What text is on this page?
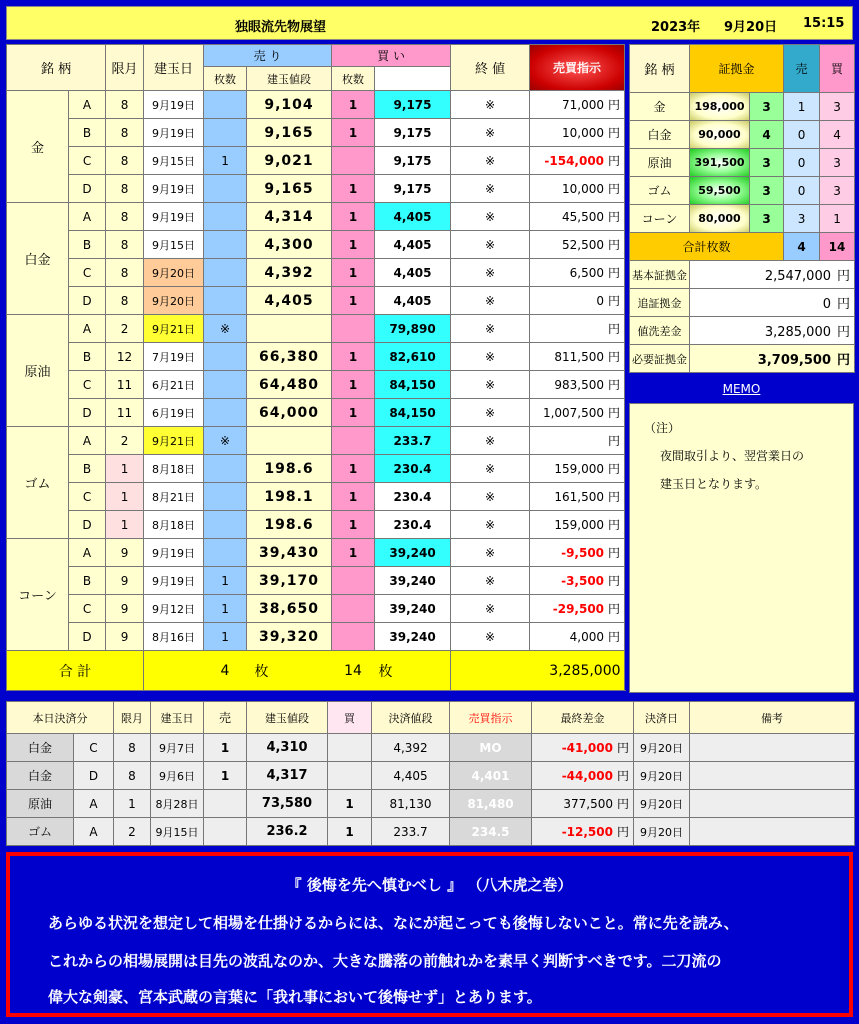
独眼流先物展望	2023年 9月20日 15:15
銘 柄		限月	建玉日	売 り		買 い		終 値	売買指示	
				枚数	建玉値段	枚数				
金	A	8	9月19日		9,104	1	9,175	※	71,000 円	
	B	8	9月19日		9,165	1	9,175	※	10,000 円	
	C	8	9月15日	1	9,021		9,175	※	-154,000 円	
	D	8	9月19日		9,165	1	9,175	※	10,000 円	
白金	A	8	9月19日		4,314	1	4,405	※	45,500 円	
	B	8	9月15日		4,300	1	4,405	※	52,500 円	
	C	8	9月20日		4,392	1	4,405	※	6,500 円	
	D	8	9月20日		4,405	1	4,405	※	0 円	
原油	A	2	9月21日	※			79,890	※	円	
	B	12	7月19日		66,380	1	82,610	※	811,500 円	
	C	11	6月21日		64,480	1	84,150	※	983,500 円	
	D	11	6月19日		64,000	1	84,150	※	1,007,500 円	
ゴム	A	2	9月21日	※			233.7	※	円	
	B	1	8月18日		198.6	1	230.4	※	159,000 円	
	C	1	8月21日		198.1	1	230.4	※	161,500 円	
	D	1	8月18日		198.6	1	230.4	※	159,000 円	
コーン	A	9	9月19日		39,430	1	39,240	※	-9,500 円	
	B	9	9月19日	1	39,170		39,240	※	-3,500 円	
	C	9	9月12日	1	38,650		39,240	※	-29,500 円	
	D	9	8月16日	1	39,320		39,240	※	4,000 円	
合 計				4	枚	14	枚	3,285,000	
銘 柄	証拠金		売	買
金	198,000	3	1	3
白金	90,000	4	0	4
原油	391,500	3	0	3
ゴム	59,500	3	0	3
コーン	80,000	3	3	1
合計枚数			4	14
基本証拠金	2,547,000 円			
追証拠金	0 円			
値洗差金	3,285,000 円			
必要証拠金	3,709,500 円			
MEMO
（注）
夜間取引より、翌営業日の
建玉日となります。
本日決済分		限月	建玉日	売	建玉値段	買	決済値段	売買指示	最終差金	決済日	備考
白金	C	8	9月7日	1	4,310		4,392	MO	-41,000 円	9月20日	
白金	D	8	9月6日	1	4,317		4,405	4,401	-44,000 円	9月20日	
原油	A	1	8月28日		73,580	1	81,130	81,480	377,500 円	9月20日	
ゴム	A	2	9月15日		236.2	1	233.7	234.5	-12,500 円	9月20日	
『 後悔を先へ慎むべし 』 （八木虎之巻）
あらゆる状況を想定して相場を仕掛けるからには、なにが起こっても後悔しないこと。常に先を読み、
これからの相場展開は目先の波乱なのか、大きな騰落の前触れかを素早く判断すべきです。二刀流の
偉大な剣豪、宮本武蔵の言葉に「我れ事において後悔せず」とあります。
